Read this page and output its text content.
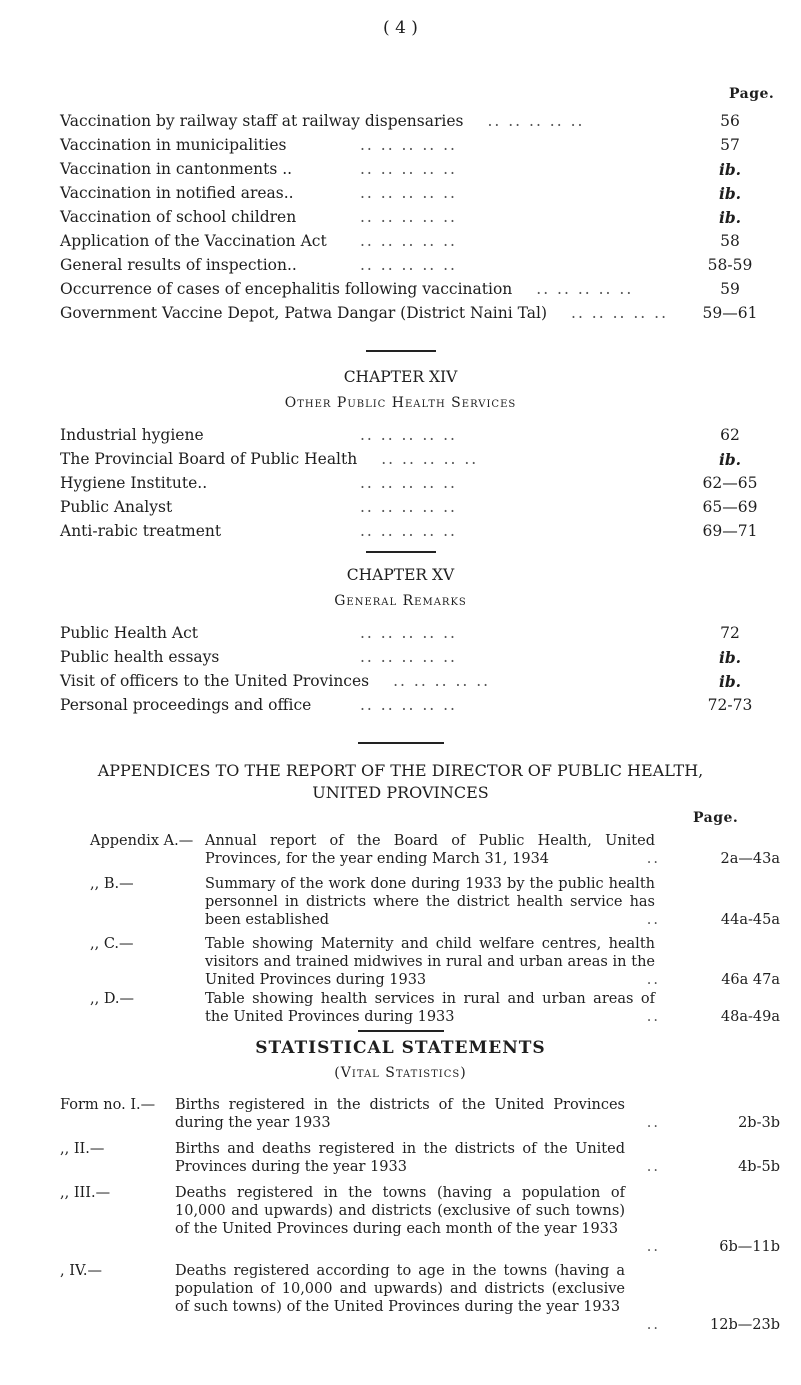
( 4 )
Page.
Vaccination by railway staff at railway dispensaries	56
.. .. .. .. ..
Vaccination in municipalities	57
.. .. .. .. ..
Vaccination in cantonments ..	ib.
.. .. .. .. ..
Vaccination in notified areas..	ib.
.. .. .. .. ..
Vaccination of school children	ib.
.. .. .. .. ..
Application of the Vaccination Act	58
.. .. .. .. ..
General results of inspection..	58-59
.. .. .. .. ..
Occurrence of cases of encephalitis following vaccination	59
.. .. .. .. ..
Government Vaccine Depot, Patwa Dangar (District Naini Tal)	59—61
.. .. .. .. ..
CHAPTER XIV
Other Public Health Services
Industrial hygiene	62
.. .. .. .. ..
The Provincial Board of Public Health	ib.
.. .. .. .. ..
Hygiene Institute..	62—65
.. .. .. .. ..
Public Analyst	65—69
.. .. .. .. ..
Anti-rabic treatment	69—71
.. .. .. .. ..
CHAPTER XV
General Remarks
Public Health Act	72
.. .. .. .. ..
Public health essays	ib.
.. .. .. .. ..
Visit of officers to the United Provinces	ib.
.. .. .. .. ..
Personal proceedings and office	72-73
.. .. .. .. ..
APPENDICES TO THE REPORT OF THE DIRECTOR OF PUBLIC HEALTH,
UNITED PROVINCES
Page.
Appendix A.— Annual report of the Board of Public Health, United Provinces, for the year ending March 31, 1934	..	2a—43a
,, B.—	Summary of the work done during 1933 by the public health personnel in districts where the district health service has been established	..	44a-45a
,, C.—	Table showing Maternity and child welfare centres, health visitors and trained midwives in rural and urban areas in the United Provinces during 1933	..	46a 47a
,, D.—	Table showing health services in rural and urban areas of the United Provinces during 1933	..	48a-49a
STATISTICAL STATEMENTS
(Vital Statistics)
Form no. I.—	Births registered in the districts of the United Provinces during the year 1933	..	2b-3b
,, II.—	Births and deaths registered in the districts of the United Provinces during the year 1933	..	4b-5b
,, III.—	Deaths registered in the towns (having a population of 10,000 and upwards) and districts (exclusive of such towns) of the United Provinces during each month of the year 1933
..	6b—11b
, IV.—	Deaths registered according to age in the towns (having a population of 10,000 and upwards) and districts (exclusive of such towns) of the United Provinces during the year 1933
..	12b—23b
